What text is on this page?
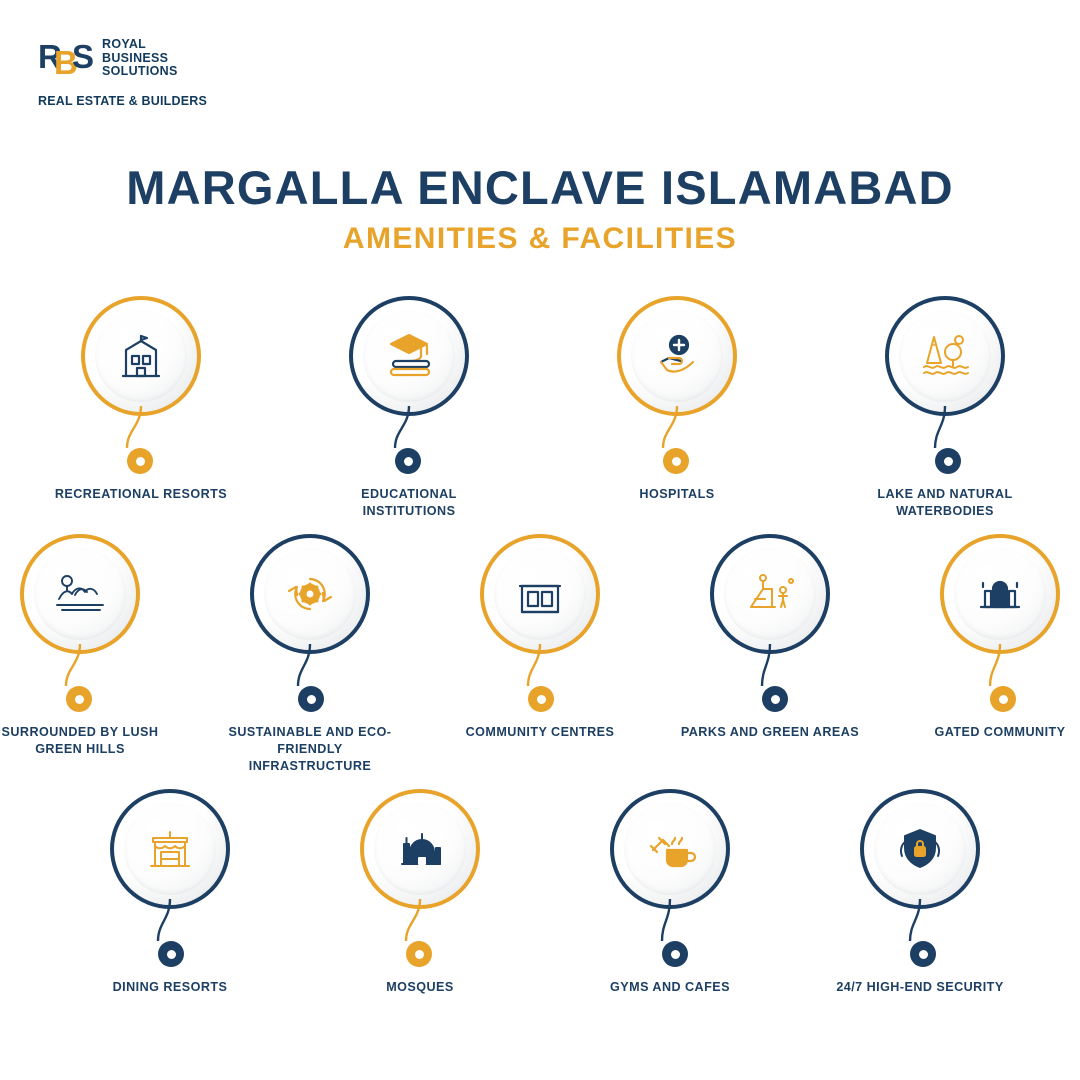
R
B
S ROYAL
BUSINESS
SOLUTIONS
REAL ESTATE & BUILDERS
MARGALLA ENCLAVE ISLAMABAD
AMENITIES & FACILITIES
RECREATIONAL RESORTS	EDUCATIONAL INSTITUTIONS
HOSPITALS	LAKE AND NATURAL WATERBODIES
SURROUNDED BY LUSH GREEN HILLS
SUSTAINABLE AND ECO-FRIENDLY INFRASTRUCTURE
COMMUNITY CENTRES	PARKS AND GREEN AREAS	GATED COMMUNITY
DINING RESORTS	MOSQUES	GYMS AND CAFES	24/7 HIGH-END SECURITY
